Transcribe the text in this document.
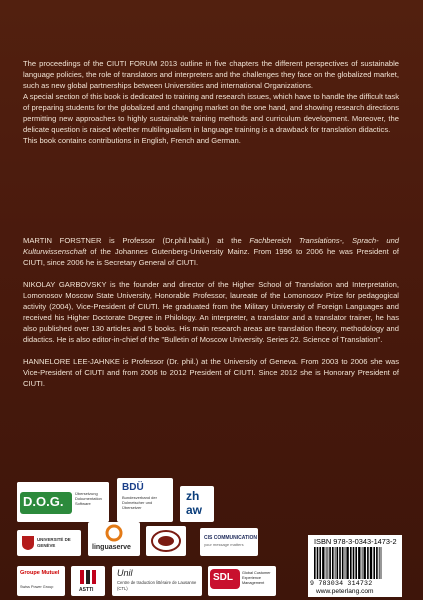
The proceedings of the CIUTI FORUM 2013 outline in five chapters the different perspectives of sustainable language policies, the role of translators and interpreters and the challenges they face on the globalized market, such as new global partnerships between Universities and international Organizations.

A special section of this book is dedicated to training and research issues, which have to handle the difficult task of preparing students for the globalized and changing market on the one hand, and showing research directions permitting new approaches to highly sustainable training methods and curriculum development. Moreover, the delicate question is raised whether multilingualism in language training is a drawback for translation didactics.

This book contains contributions in English, French and German.

MARTIN FORSTNER is Professor (Dr.phil.habil.) at the Fachbereich Translations-, Sprach- und Kulturwissenschaft of the Johannes Gutenberg-University Mainz. From 1996 to 2006 he was President of CIUTI, since 2006 he is Secretary General of CIUTI.

NIKOLAY GARBOVSKY is the founder and director of the Higher School of Translation and Interpretation, Lomonosov Moscow State University, Honorable Professor, laureate of the Lomonosov Prize for pedagogical activity (2004), Vice-President of CIUTI. He graduated from the Military University of Foreign Languages and received his Higher Doctorate Degree in Philology. An interpreter, a translator and a translator trainer, he has also published over 130 articles and 5 books. His main research areas are translation theory, methodology and didactics. He is also editor-in-chief of the "Bulletin of Moscow University. Series 22. Science of Translation".

HANNELORE LEE-JAHNKE is Professor (Dr. phil.) at the University of Geneva. From 2003 to 2006 she was Vice-President of CIUTI and from 2006 to 2012 President of CIUTI. Since 2012 she is Honorary President of CIUTI.

D.O.G.
Übersetzung Dokumentation Software
BDÜ
Bundesverband der Dolmetscher und Übersetzer
zh
aw
UNIVERSITÉ DE GENÈVE	linguaserve
CIS COMMUNICATION
your message matters
Groupe Mutuel
Swiss Power Group	ASTTI
Unil
Centre de traduction littéraire de Lausanne (CTL)
SDL Global Customer Experience Management
ISBN 978-3-0343-1473-2
9 783034 314732
www.peterlang.com
